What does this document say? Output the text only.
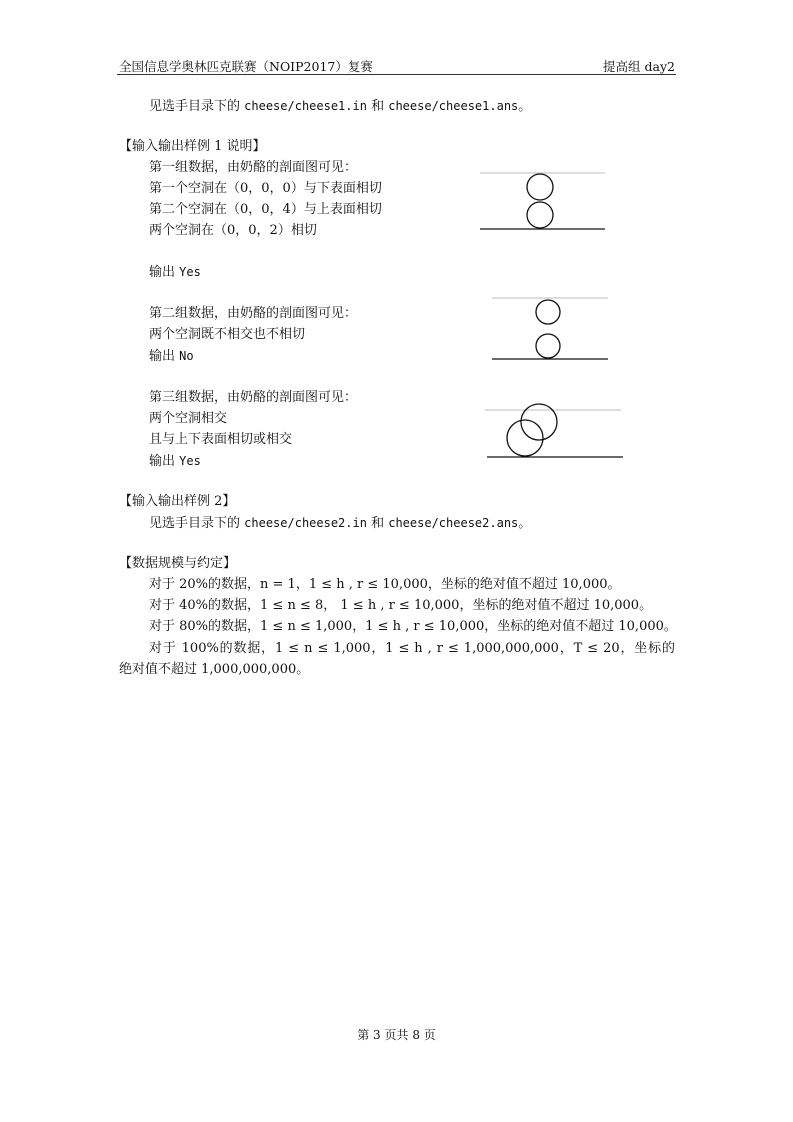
全国信息学奥林匹克联赛（NOIP2017）复赛	提高组 day2
见选手目录下的 cheese/cheese1.in 和 cheese/cheese1.ans。
【输入输出样例 1 说明】
第一组数据，由奶酪的剖面图可见：
第一个空洞在（0，0，0）与下表面相切
第二个空洞在（0，0，4）与上表面相切
两个空洞在（0，0，2）相切
输出 Yes
第二组数据，由奶酪的剖面图可见：
两个空洞既不相交也不相切
输出 No
第三组数据，由奶酪的剖面图可见：
两个空洞相交
且与上下表面相切或相交
输出 Yes
【输入输出样例 2】
见选手目录下的 cheese/cheese2.in 和 cheese/cheese2.ans。
【数据规模与约定】
对于 20%的数据，n = 1，1 ≤ h , r ≤ 10,000，坐标的绝对值不超过 10,000。
对于 40%的数据，1 ≤ n ≤ 8， 1 ≤ h , r ≤ 10,000，坐标的绝对值不超过 10,000。
对于 80%的数据，1 ≤ n ≤ 1,000，1 ≤ h , r ≤ 10,000，坐标的绝对值不超过 10,000。
对于 100%的数据，1 ≤ n ≤ 1,000，1 ≤ h , r ≤ 1,000,000,000，T ≤ 20，坐标的
绝对值不超过 1,000,000,000。
第 3 页共 8 页
